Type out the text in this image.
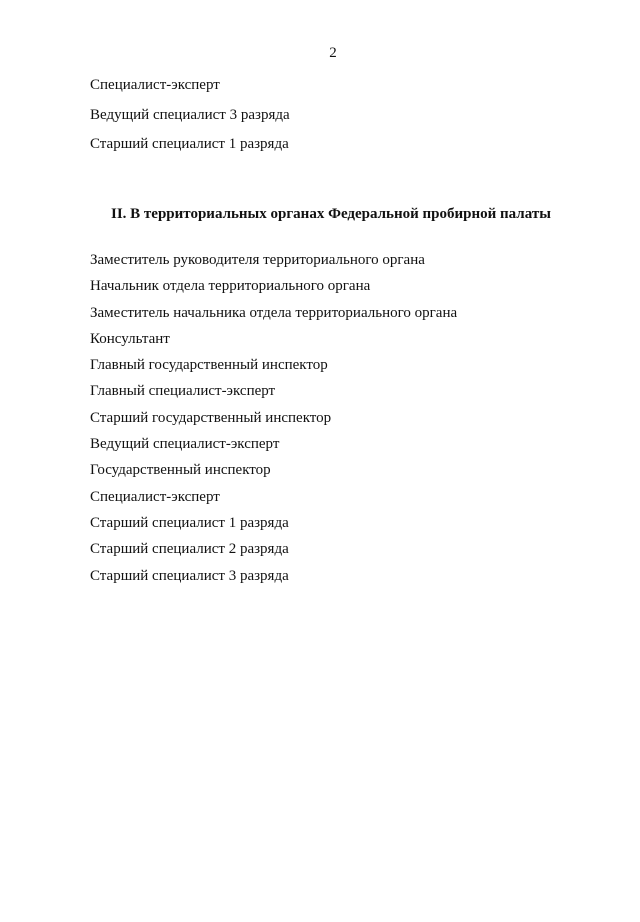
2
Специалист-эксперт
Ведущий специалист 3 разряда
Старший специалист 1 разряда
II. В территориальных органах Федеральной пробирной палаты
Заместитель руководителя территориального органа
Начальник отдела территориального органа
Заместитель начальника отдела территориального органа
Консультант
Главный государственный инспектор
Главный специалист-эксперт
Старший государственный инспектор
Ведущий специалист-эксперт
Государственный инспектор
Специалист-эксперт
Старший специалист 1 разряда
Старший специалист 2 разряда
Старший специалист 3 разряда
